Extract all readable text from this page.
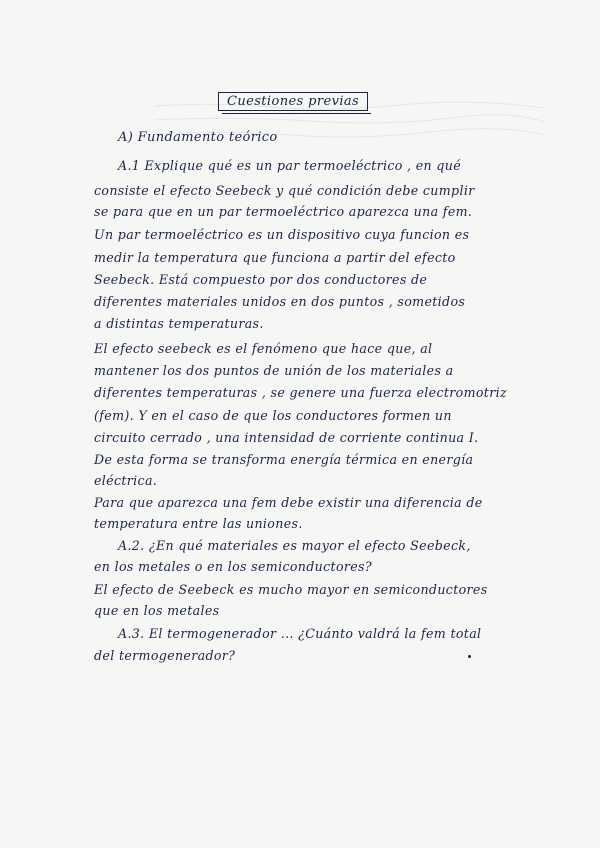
Cuestiones previas
A) Fundamento teórico
A.1 Explique qué es un par termoeléctrico , en qué
consiste el efecto Seebeck y qué condición debe cumplir
se para que en un par termoeléctrico aparezca una fem.
Un par termoeléctrico es un dispositivo cuya funcion es
medir la temperatura que funciona a partir del efecto
Seebeck. Está compuesto por dos conductores de
diferentes materiales unidos en dos puntos , sometidos
a distintas temperaturas.
El efecto seebeck es el fenómeno que hace que, al
mantener los dos puntos de unión de los materiales a
diferentes temperaturas , se genere una fuerza electromotriz
(fem). Y en el caso de que los conductores formen un
circuito cerrado , una intensidad de corriente continua I.
De esta forma se transforma energía térmica en energía
eléctrica.
Para que aparezca una fem debe existir una diferencia de
temperatura entre las uniones.
A.2. ¿En qué materiales es mayor el efecto Seebeck,
en los metales o en los semiconductores?
El efecto de Seebeck es mucho mayor en semiconductores
que en los metales
A.3. El termogenerador ... ¿Cuánto valdrá la fem total
del termogenerador?
